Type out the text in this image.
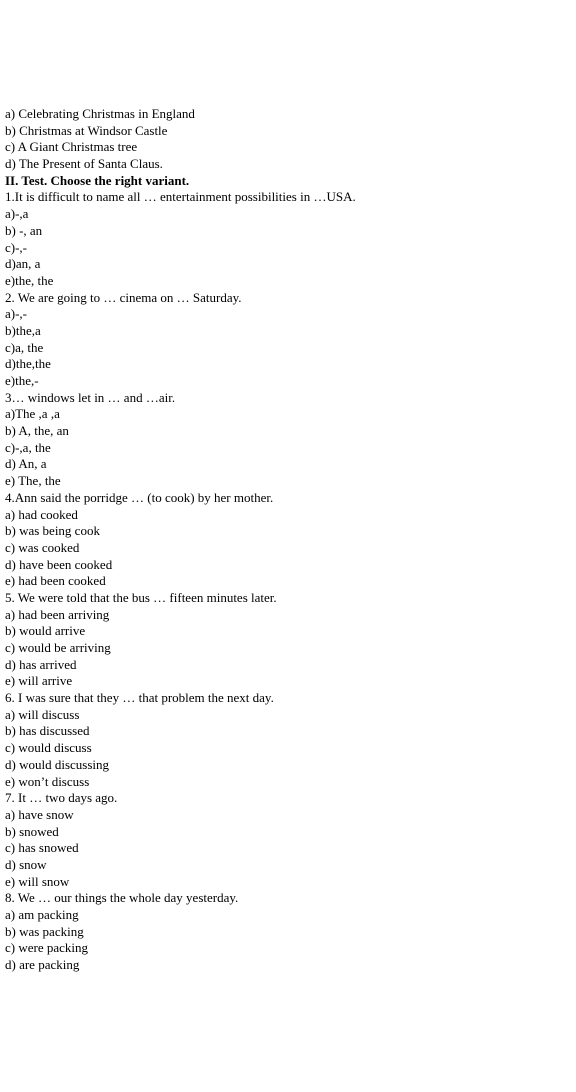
a) Celebrating Christmas in England

b) Christmas at Windsor Castle

c) A Giant Christmas tree

d) The Present of Santa Claus.

II. Test. Choose the right variant.

1.It is difficult to name all … entertainment possibilities in …USA.

a)-,a

b) -, an

c)-,-

d)an, a

e)the, the

2. We are going to … cinema on … Saturday.

a)-,-

b)the,a

c)a, the

d)the,the

e)the,-

3… windows let in … and …air.

a)The ,a ,a

b) A, the, an

c)-,a, the

d) An, a

e) The, the

4.Ann said the porridge … (to cook) by her mother.

a) had cooked

b) was being cook

c) was cooked

d) have been cooked

e) had been cooked

5. We were told that the bus … fifteen minutes later.

a) had been arriving

b) would arrive

c) would be arriving

d) has arrived

e) will arrive

6. I was sure that they … that problem the next day.

a) will discuss

b) has discussed

c) would discuss

d) would discussing

e) won’t discuss

7. It … two days ago.

a) have snow

b) snowed

c) has snowed

d) snow

e) will snow

8. We … our things the whole day yesterday.

a) am packing

b) was packing

c) were packing

d) are packing
